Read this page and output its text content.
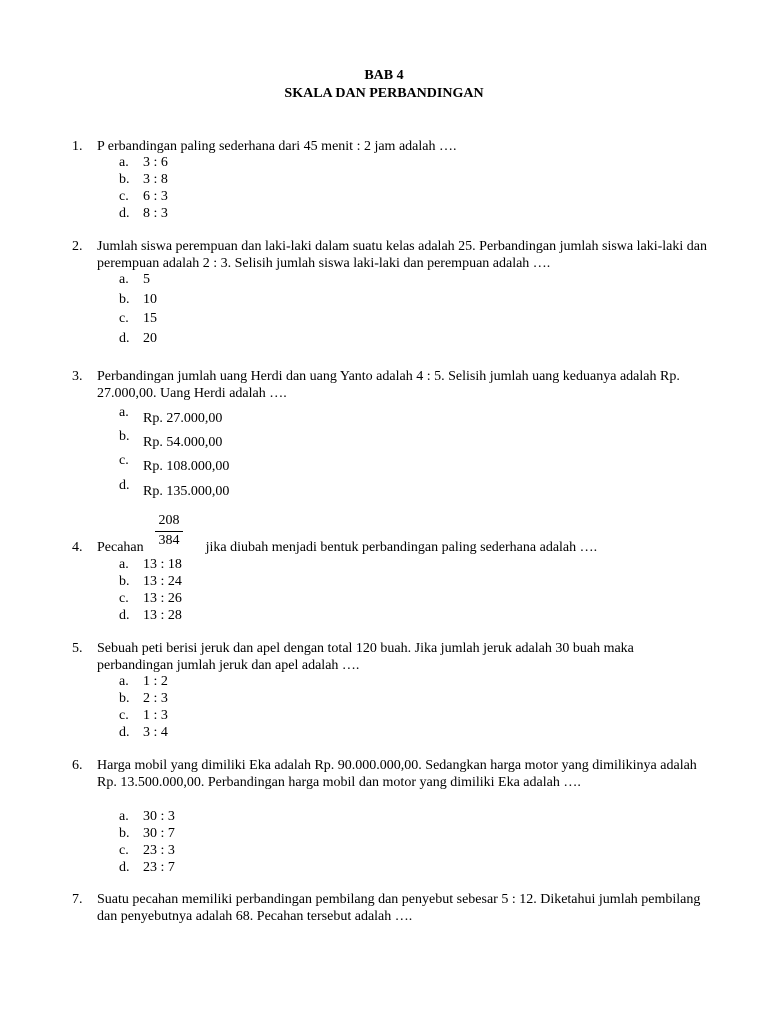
BAB 4
SKALA DAN PERBANDINGAN
1. P erbandingan paling sederhana dari 45 menit : 2 jam adalah ….
a. 3 : 6
b. 3 : 8
c. 6 : 3
d. 8 : 3
2. Jumlah siswa perempuan dan laki-laki dalam suatu kelas adalah 25. Perbandingan jumlah siswa laki-laki dan perempuan adalah 2 : 3. Selisih jumlah siswa laki-laki dan perempuan adalah ….
a. 5
b. 10
c. 15
d. 20
3. Perbandingan jumlah uang Herdi dan uang Yanto adalah 4 : 5. Selisih jumlah uang keduanya adalah Rp. 27.000,00. Uang Herdi adalah ….
a. Rp. 27.000,00
b. Rp. 54.000,00
c. Rp. 108.000,00
d. Rp. 135.000,00
$\frac{208}{384}$
4. Pecahan	jika diubah menjadi bentuk perbandingan paling sederhana adalah ….
a. 13 : 18
b. 13 : 24
c. 13 : 26
d. 13 : 28
5. Sebuah peti berisi jeruk dan apel dengan total 120 buah. Jika jumlah jeruk adalah 30 buah maka perbandingan jumlah jeruk dan apel adalah ….
a. 1 : 2
b. 2 : 3
c. 1 : 3
d. 3 : 4
6. Harga mobil yang dimiliki Eka adalah Rp. 90.000.000,00. Sedangkan harga motor yang dimilikinya adalah Rp. 13.500.000,00. Perbandingan harga mobil dan motor yang dimiliki Eka adalah ….
a. 30 : 3
b. 30 : 7
c. 23 : 3
d. 23 : 7
7. Suatu pecahan memiliki perbandingan pembilang dan penyebut sebesar 5 : 12. Diketahui jumlah pembilang dan penyebutnya adalah 68. Pecahan tersebut adalah ….
